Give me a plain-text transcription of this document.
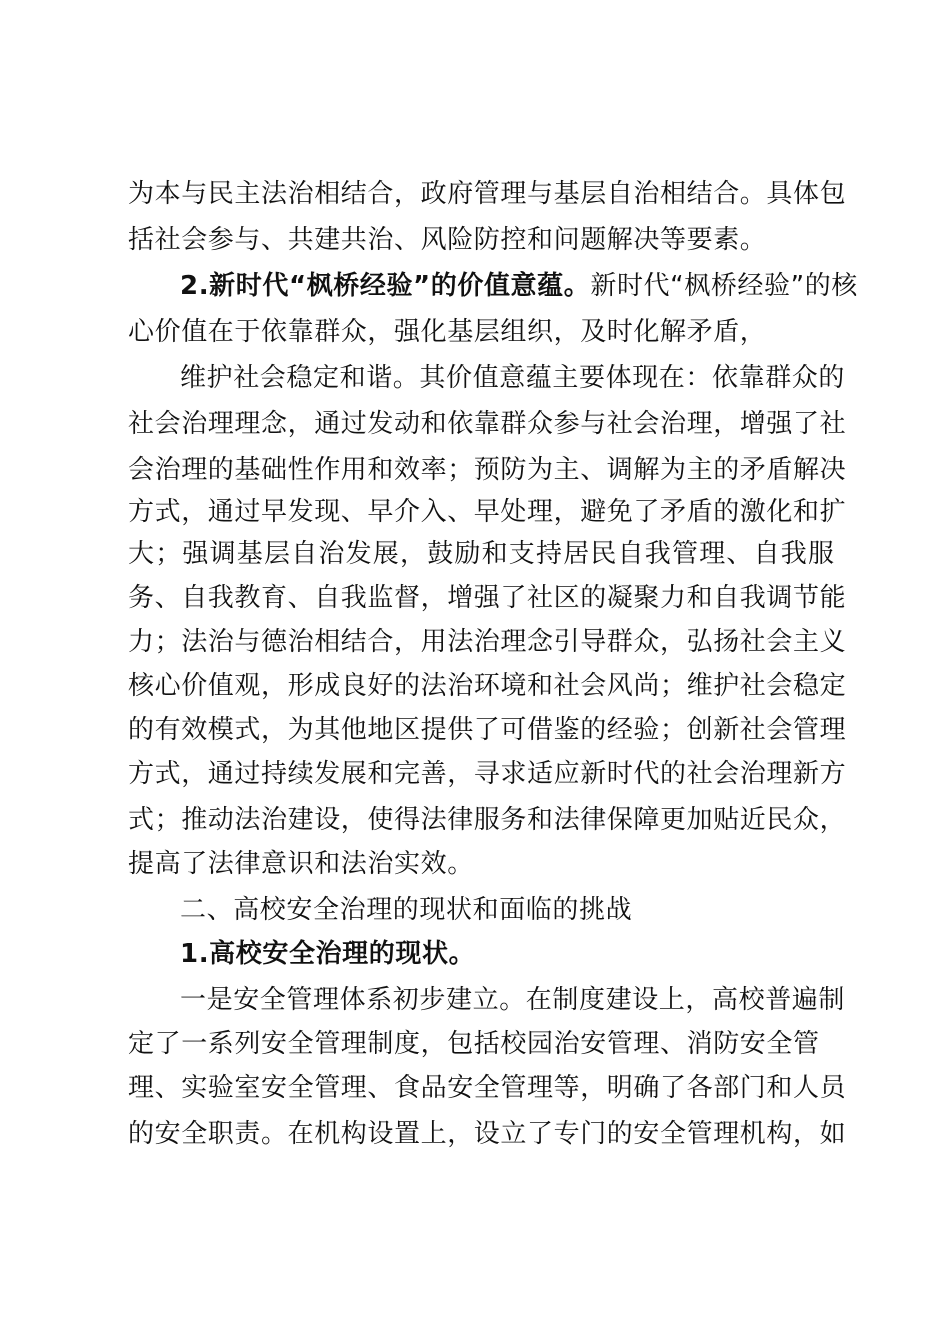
为本与民主法治相结合，政府管理与基层自治相结合。具体包
括社会参与、共建共治、风险防控和问题解决等要素。
2.新时代“枫桥经验”的价值意蕴。新时代“枫桥经验”的核
心价值在于依靠群众，强化基层组织，及时化解矛盾，
维护社会稳定和谐。其价值意蕴主要体现在：依靠群众的
社会治理理念，通过发动和依靠群众参与社会治理，增强了社
会治理的基础性作用和效率；预防为主、调解为主的矛盾解决
方式，通过早发现、早介入、早处理，避免了矛盾的激化和扩
大；强调基层自治发展，鼓励和支持居民自我管理、自我服
务、自我教育、自我监督，增强了社区的凝聚力和自我调节能
力；法治与德治相结合，用法治理念引导群众，弘扬社会主义
核心价值观，形成良好的法治环境和社会风尚；维护社会稳定
的有效模式，为其他地区提供了可借鉴的经验；创新社会管理
方式，通过持续发展和完善，寻求适应新时代的社会治理新方
式；推动法治建设，使得法律服务和法律保障更加贴近民众，
提高了法律意识和法治实效。
二、高校安全治理的现状和面临的挑战
1.高校安全治理的现状。
一是安全管理体系初步建立。在制度建设上，高校普遍制
定了一系列安全管理制度，包括校园治安管理、消防安全管
理、实验室安全管理、食品安全管理等，明确了各部门和人员
的安全职责。在机构设置上，设立了专门的安全管理机构，如
